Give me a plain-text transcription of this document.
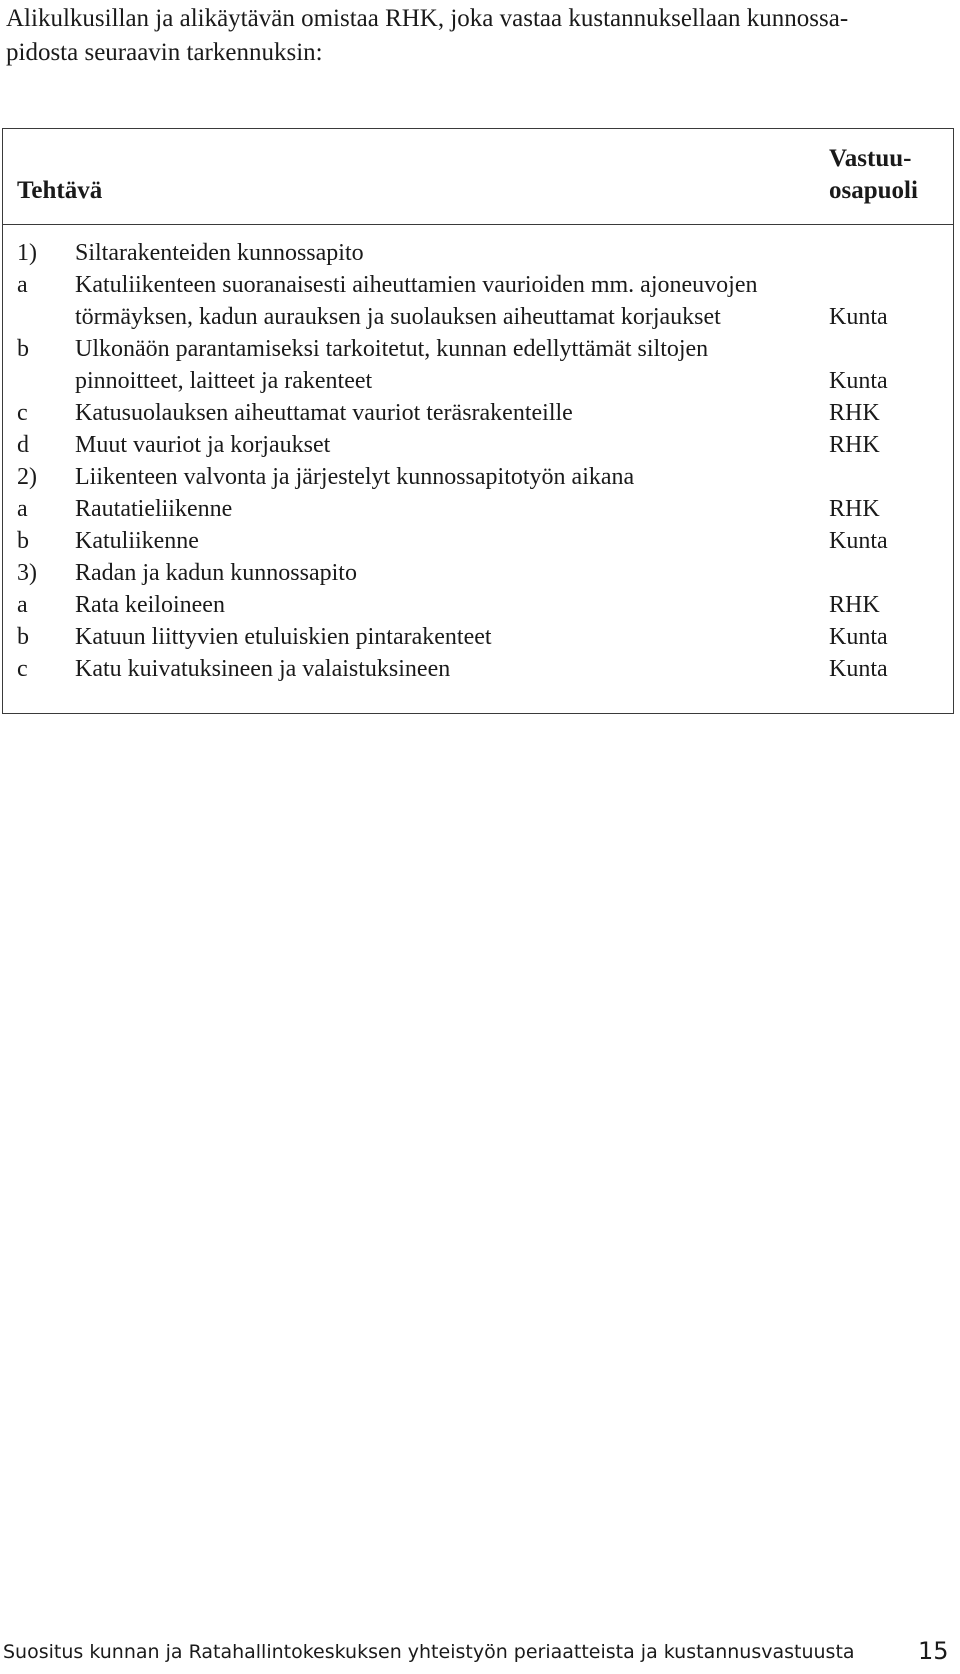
Alikulkusillan ja alikäytävän omistaa RHK, joka vastaa kustannuksellaan kunnossa-
pidosta seuraavin tarkennuksin:

Tehtävä
Vastuu-
osapuoli
1) Siltarakenteiden kunnossapito
a Katuliikenteen suoranaisesti aiheuttamien vaurioiden mm. ajoneuvojen
törmäyksen, kadun aurauksen ja suolauksen aiheuttamat korjaukset	Kunta
b Ulkonäön parantamiseksi tarkoitetut, kunnan edellyttämät siltojen
pinnoitteet, laitteet ja rakenteet	Kunta
c Katusuolauksen aiheuttamat vauriot teräsrakenteille	RHK
d Muut vauriot ja korjaukset	RHK
2) Liikenteen valvonta ja järjestelyt kunnossapitotyön aikana
a Rautatieliikenne	RHK
b Katuliikenne	Kunta
3) Radan ja kadun kunnossapito
a Rata keiloineen	RHK
b Katuun liittyvien etuluiskien pintarakenteet	Kunta
c Katu kuivatuksineen ja valaistuksineen	Kunta
Suositus kunnan ja Ratahallintokeskuksen yhteistyön periaatteista ja kustannusvastuusta	15
